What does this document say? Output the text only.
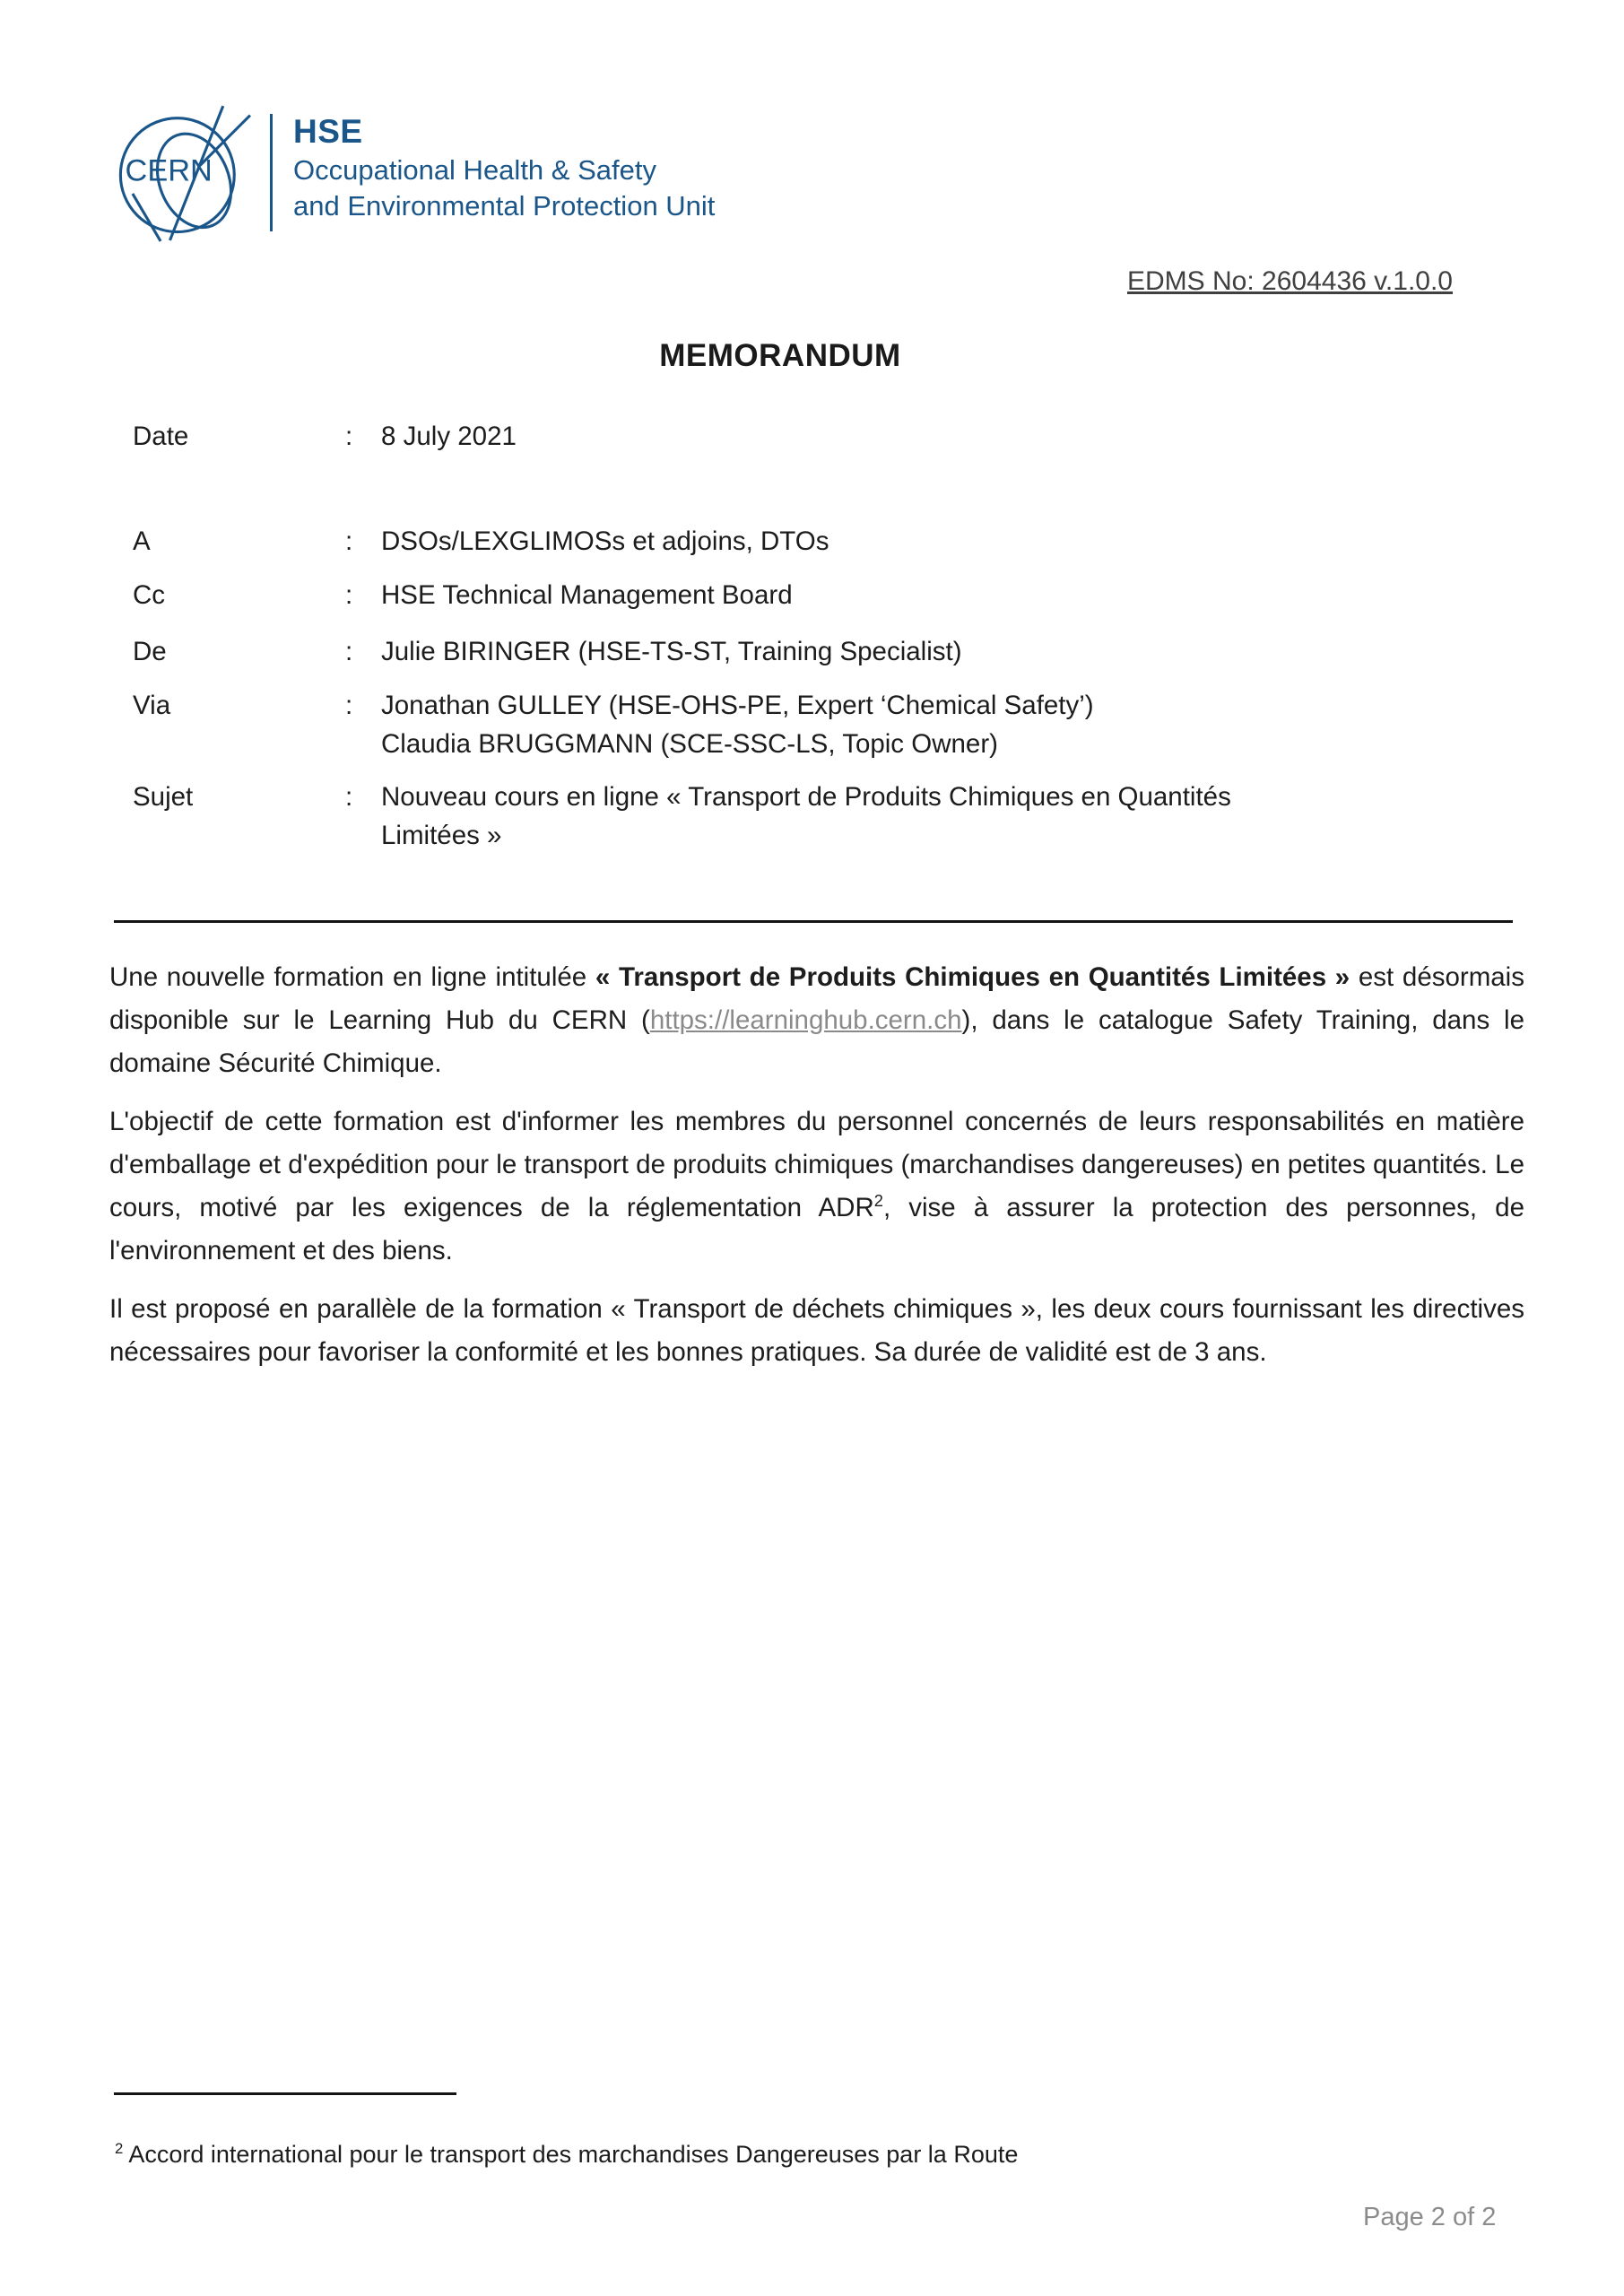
CERN
HSE
Occupational Health & Safety
and Environmental Protection Unit
EDMS No: 2604436 v.1.0.0
MEMORANDUM
Date	:	8 July 2021
A	:	DSOs/LEXGLIMOSs et adjoins, DTOs
Cc	:	HSE Technical Management Board
De	:	Julie BIRINGER (HSE-TS-ST, Training Specialist)
Via	:	Jonathan GULLEY (HSE-OHS-PE, Expert ‘Chemical Safety’)
Claudia BRUGGMANN (SCE-SSC-LS, Topic Owner)
Sujet	:	Nouveau cours en ligne « Transport de Produits Chimiques en Quantités
Limitées »

Une nouvelle formation en ligne intitulée « Transport de Produits Chimiques en Quantités Limitées » est désormais disponible sur le Learning Hub du CERN (https://learninghub.cern.ch), dans le catalogue Safety Training, dans le domaine Sécurité Chimique.

L'objectif de cette formation est d'informer les membres du personnel concernés de leurs responsabilités en matière d'emballage et d'expédition pour le transport de produits chimiques (marchandises dangereuses) en petites quantités. Le cours, motivé par les exigences de la réglementation ADR$^2$, vise à assurer la protection des personnes, de l'environnement et des biens.

Il est proposé en parallèle de la formation « Transport de déchets chimiques », les deux cours fournissant les directives nécessaires pour favoriser la conformité et les bonnes pratiques. Sa durée de validité est de 3 ans.

$^2$ Accord international pour le transport des marchandises Dangereuses par la Route
Page 2 of 2
